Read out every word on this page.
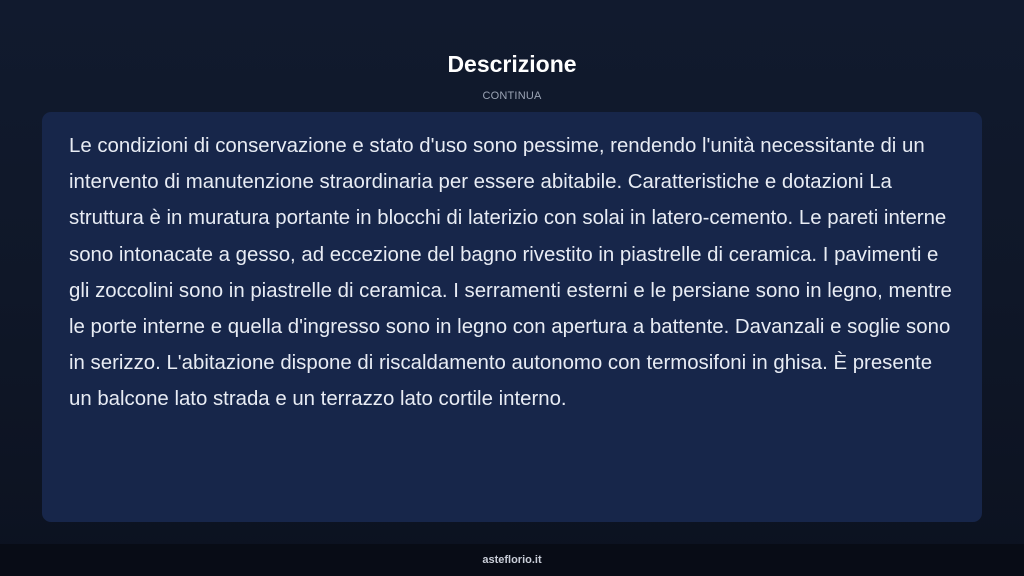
Descrizione
CONTINUA

Le condizioni di conservazione e stato d'uso sono pessime, rendendo l'unità necessitante di un intervento di manutenzione straordinaria per essere abitabile. Caratteristiche e dotazioni La struttura è in muratura portante in blocchi di laterizio con solai in latero-cemento. Le pareti interne sono intonacate a gesso, ad eccezione del bagno rivestito in piastrelle di ceramica. I pavimenti e gli zoccolini sono in piastrelle di ceramica. I serramenti esterni e le persiane sono in legno, mentre le porte interne e quella d'ingresso sono in legno con apertura a battente. Davanzali e soglie sono in serizzo. L'abitazione dispone di riscaldamento autonomo con termosifoni in ghisa. È presente un balcone lato strada e un terrazzo lato cortile interno.

asteflorio.it
